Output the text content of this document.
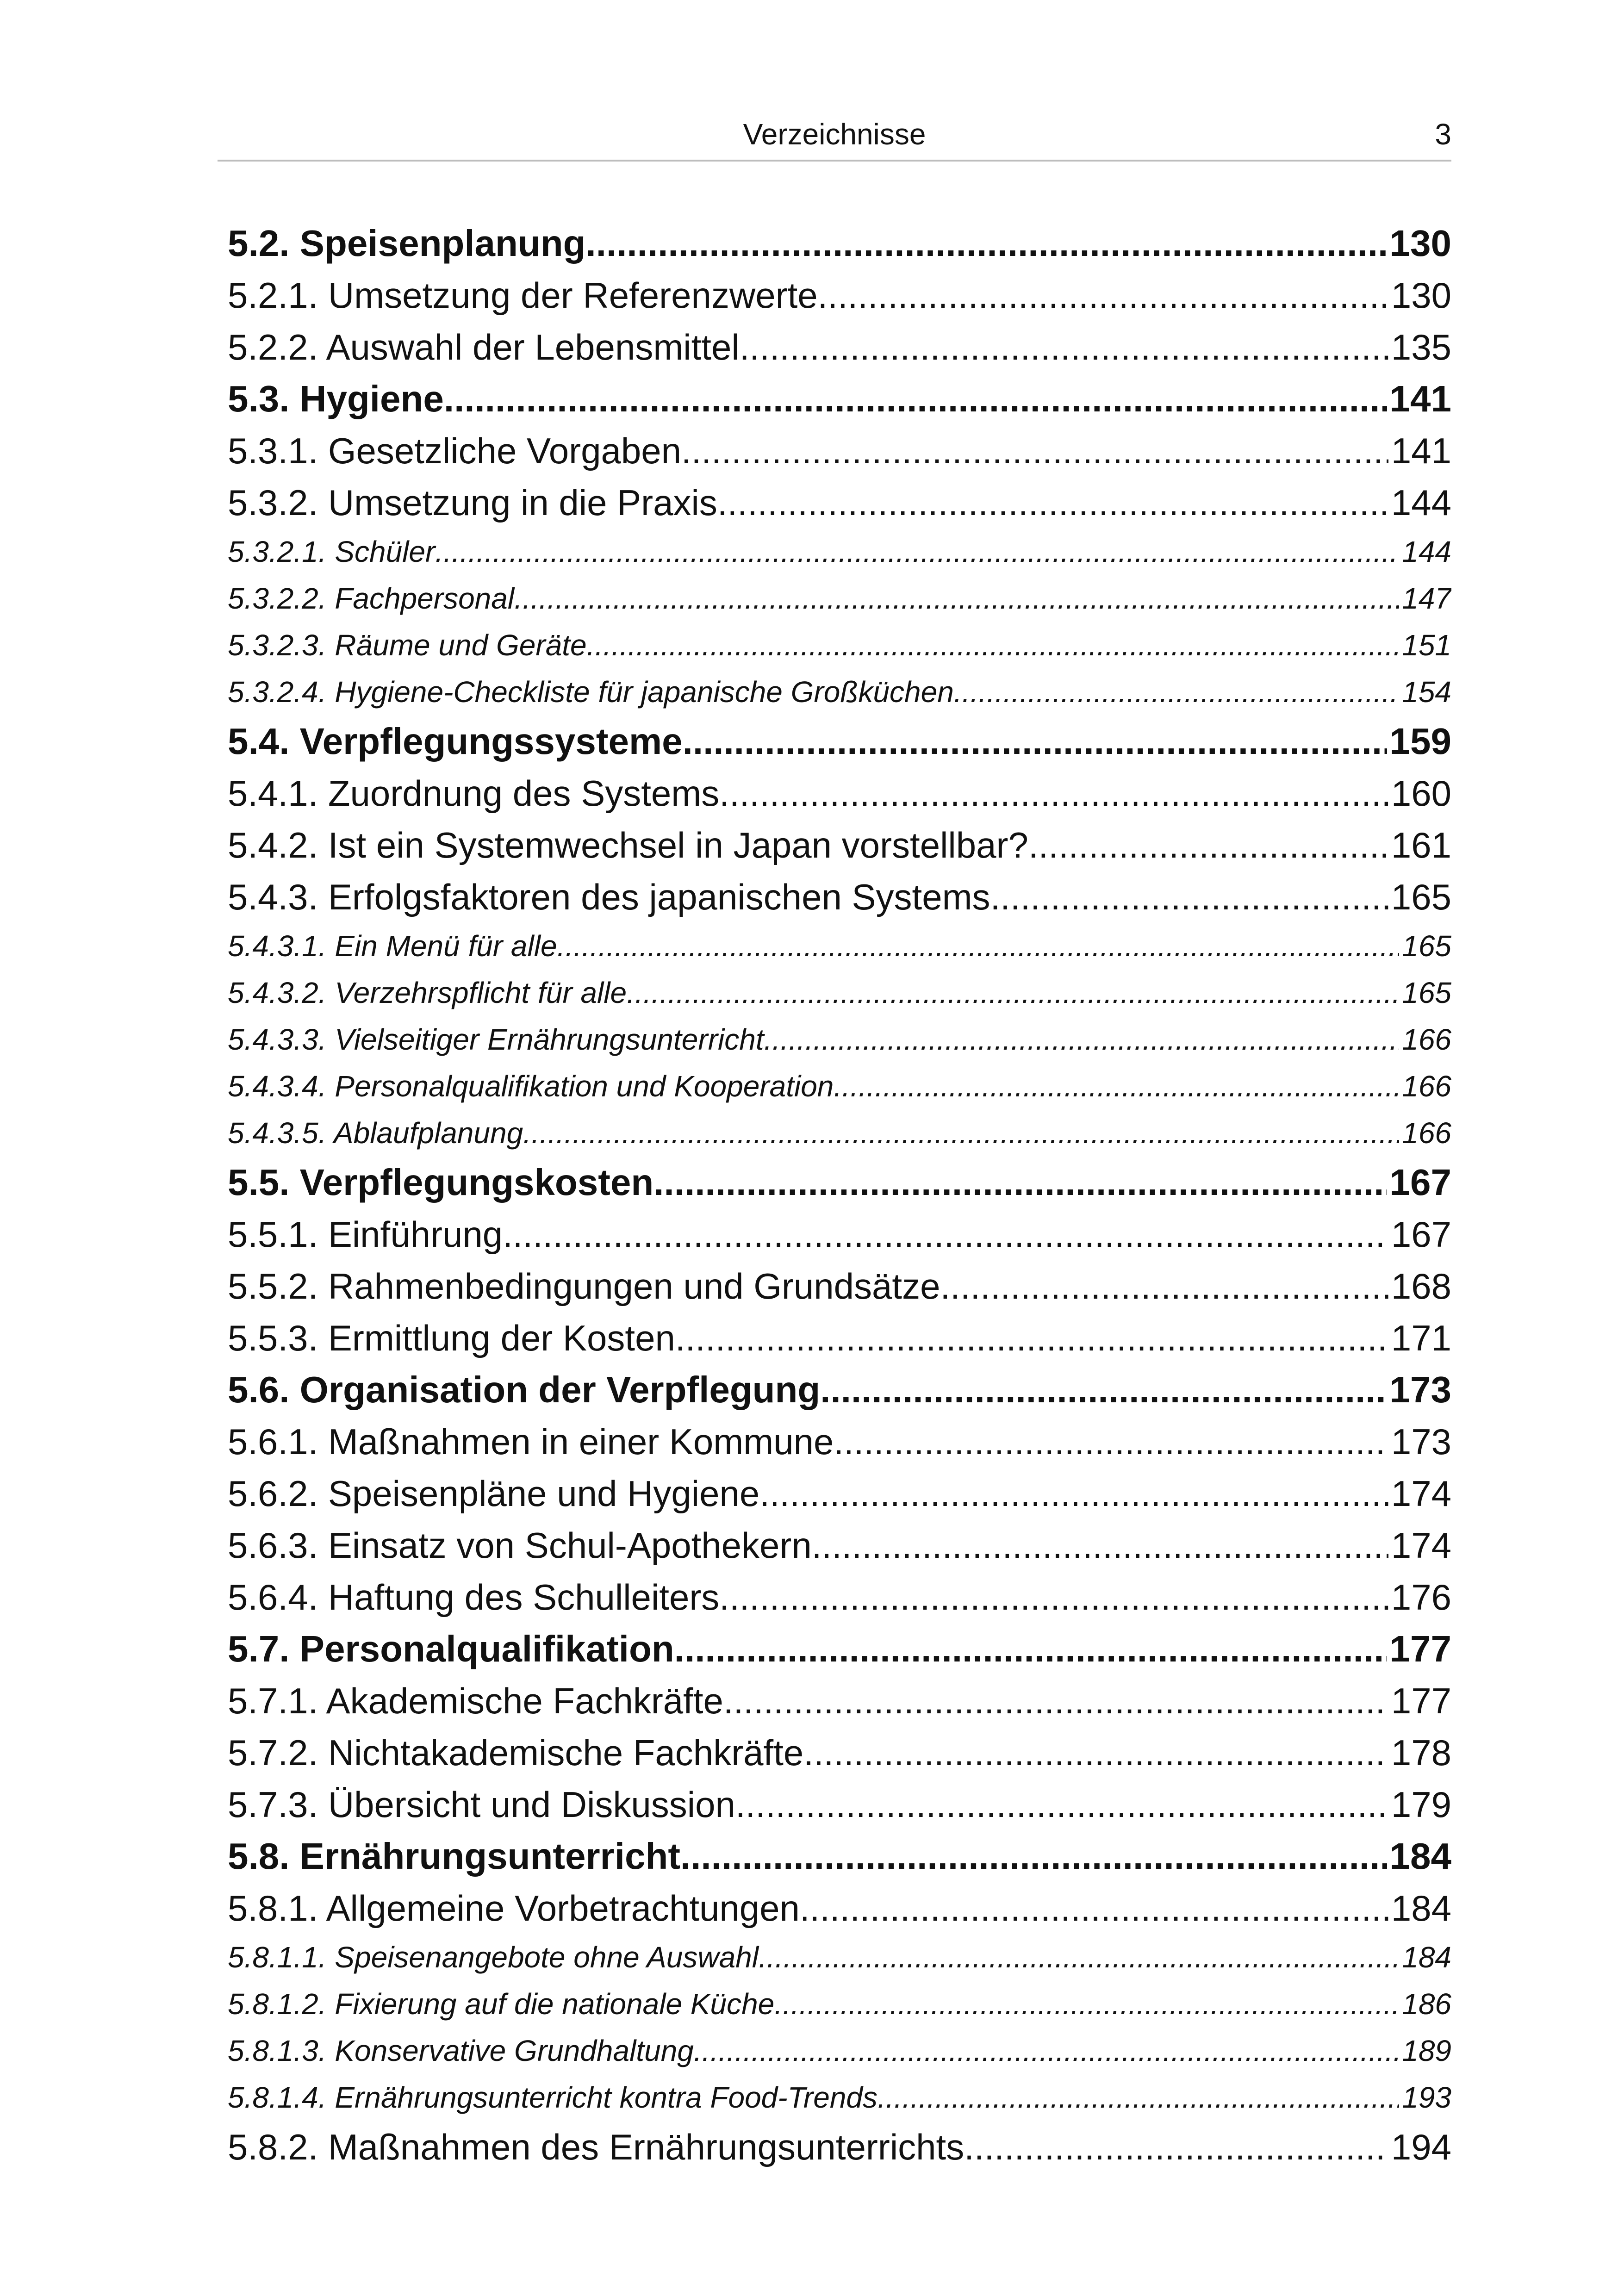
Verzeichnisse	3
5.2. Speisenplanung .....	130
5.2.1. Umsetzung der Referenzwerte .....	130
5.2.2. Auswahl der Lebensmittel .....	135
5.3. Hygiene .....	141
5.3.1. Gesetzliche Vorgaben .....	141
5.3.2. Umsetzung in die Praxis .....	144
5.3.2.1. Schüler .....	144
5.3.2.2. Fachpersonal .....	147
5.3.2.3. Räume und Geräte .....	151
5.3.2.4. Hygiene-Checkliste für japanische Großküchen .....	154
5.4. Verpflegungssysteme .....	159
5.4.1. Zuordnung des Systems .....	160
5.4.2. Ist ein Systemwechsel in Japan vorstellbar? .....	161
5.4.3. Erfolgsfaktoren des japanischen Systems .....	165
5.4.3.1. Ein Menü für alle .....	165
5.4.3.2. Verzehrspflicht für alle .....	165
5.4.3.3. Vielseitiger Ernährungsunterricht .....	166
5.4.3.4. Personalqualifikation und Kooperation .....	166
5.4.3.5. Ablaufplanung .....	166
5.5. Verpflegungskosten .....	167
5.5.1. Einführung .....	167
5.5.2. Rahmenbedingungen und Grundsätze .....	168
5.5.3. Ermittlung der Kosten .....	171
5.6. Organisation der Verpflegung .....	173
5.6.1. Maßnahmen in einer Kommune .....	173
5.6.2. Speisenpläne und Hygiene .....	174
5.6.3. Einsatz von Schul-Apothekern .....	174
5.6.4. Haftung des Schulleiters .....	176
5.7. Personalqualifikation .....	177
5.7.1. Akademische Fachkräfte .....	177
5.7.2. Nichtakademische Fachkräfte .....	178
5.7.3. Übersicht und Diskussion .....	179
5.8. Ernährungsunterricht .....	184
5.8.1. Allgemeine Vorbetrachtungen .....	184
5.8.1.1. Speisenangebote ohne Auswahl .....	184
5.8.1.2. Fixierung auf die nationale Küche .....	186
5.8.1.3. Konservative Grundhaltung .....	189
5.8.1.4. Ernährungsunterricht kontra Food-Trends .....	193
5.8.2. Maßnahmen des Ernährungsunterrichts .....	194
